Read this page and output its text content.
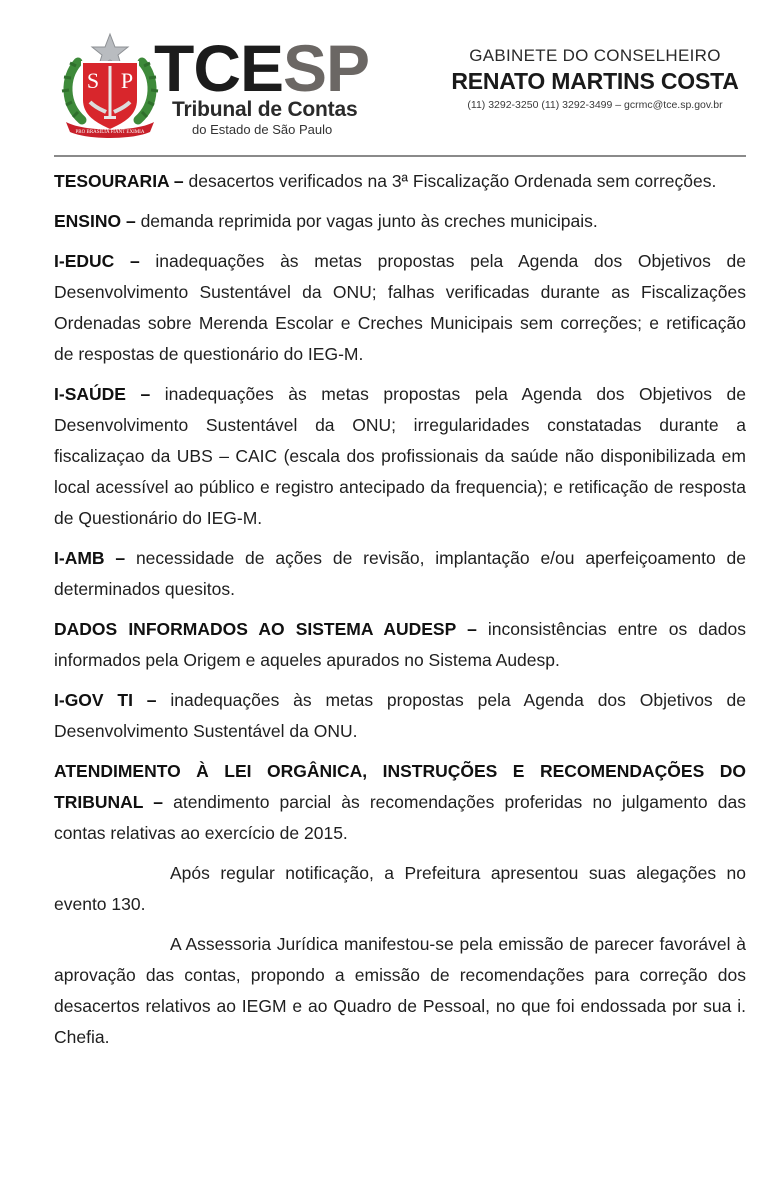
S P
PRO BRASILIA FIANT EXIMIA
TCESP
Tribunal de Contas
do Estado de São Paulo
GABINETE DO CONSELHEIRO
RENATO MARTINS COSTA
(11) 3292-3250 (11) 3292-3499 – gcrmc@tce.sp.gov.br

TESOURARIA – desacertos verificados na 3ª Fiscalização Ordenada sem correções.

ENSINO – demanda reprimida por vagas junto às creches municipais.

I-EDUC – inadequações às metas propostas pela Agenda dos Objetivos de Desenvolvimento Sustentável da ONU; falhas verificadas durante as Fiscalizações Ordenadas sobre Merenda Escolar e Creches Municipais sem correções; e retificação de respostas de questionário do IEG-M.

I-SAÚDE – inadequações às metas propostas pela Agenda dos Objetivos de Desenvolvimento Sustentável da ONU; irregularidades constatadas durante a fiscalizaçao da UBS – CAIC (escala dos profissionais da saúde não disponibilizada em local acessível ao público e registro antecipado da frequencia); e retificação de resposta de Questionário do IEG-M.

I-AMB – necessidade de ações de revisão, implantação e/ou aperfeiçoamento de determinados quesitos.

DADOS INFORMADOS AO SISTEMA AUDESP – inconsistências entre os dados informados pela Origem e aqueles apurados no Sistema Audesp.

I-GOV TI – inadequações às metas propostas pela Agenda dos Objetivos de Desenvolvimento Sustentável da ONU.

ATENDIMENTO À LEI ORGÂNICA, INSTRUÇÕES E RECOMENDAÇÕES DO TRIBUNAL – atendimento parcial às recomendações proferidas no julgamento das contas relativas ao exercício de 2015.

Após regular notificação, a Prefeitura apresentou suas alegações no evento 130.

A Assessoria Jurídica manifestou-se pela emissão de parecer favorável à aprovação das contas, propondo a emissão de recomendações para correção dos desacertos relativos ao IEGM e ao Quadro de Pessoal, no que foi endossada por sua i. Chefia.
